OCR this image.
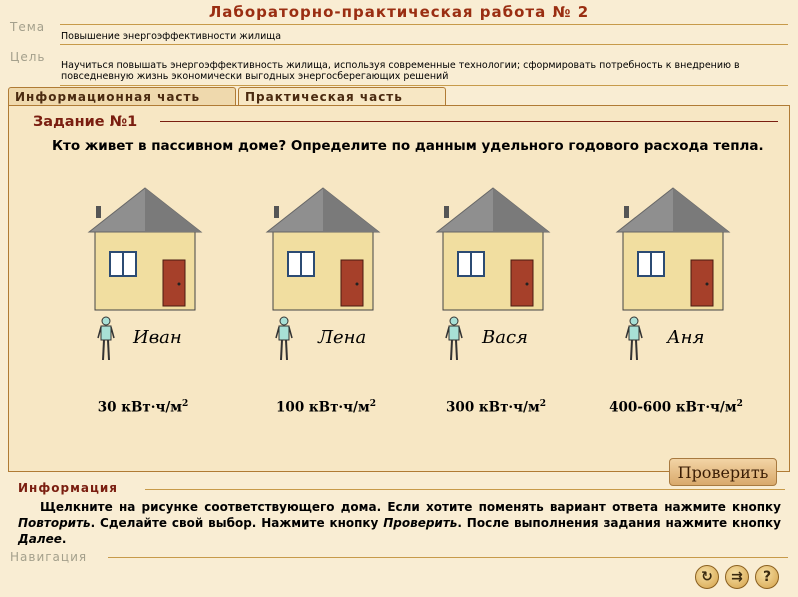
Лабораторно-практическая работа № 2
Тема
Повышение энергоэффективности жилища
Цель
Научиться повышать энергоэффективность жилища, используя современные технологии; сформировать потребность к внедрению в повседневную жизнь экономически выгодных энергосберегающих решений
Информационная часть	Практическая часть
Задание №1
Кто живет в пассивном доме? Определите по данным удельного годового расхода тепла.
Иван
30 $кВт\cdot ч/м^2$
Лена
100 $кВт\cdot ч/м^2$
Вася
300 $кВт\cdot ч/м^2$
Аня
400-600 $кВт\cdot ч/м^2$
Проверить
Информация
Щелкните на рисунке соответствующего дома. Если хотите поменять вариант ответа нажмите кнопку Повторить. Сделайте свой выбор. Нажмите кнопку Проверить. После выполнения задания нажмите кнопку Далее.
Навигация
↻	⇉	?
